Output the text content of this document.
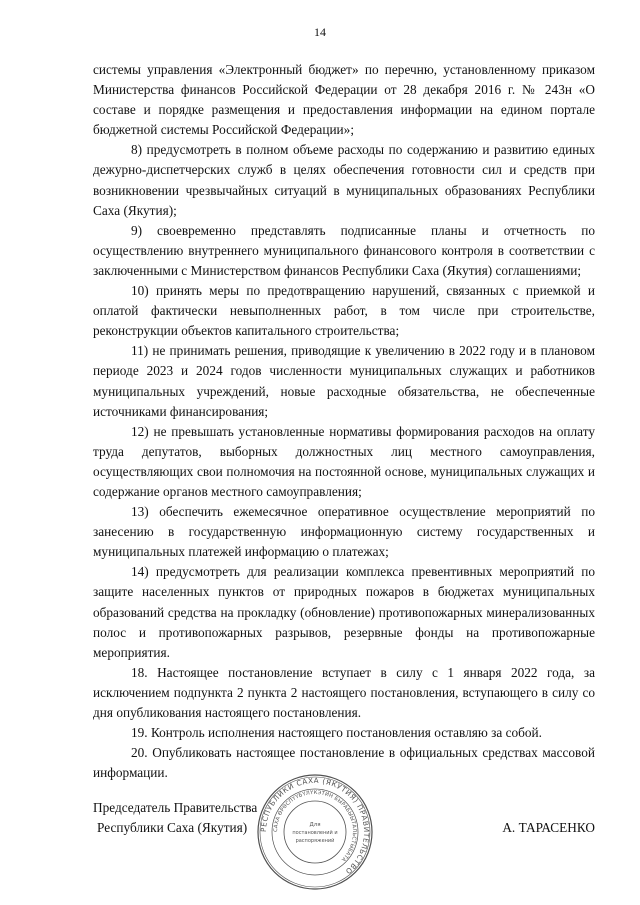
14

системы управления «Электронный бюджет» по перечню, установленному приказом Министерства финансов Российской Федерации от 28 декабря 2016 г. № 243н «О составе и порядке размещения и предоставления информации на едином портале бюджетной системы Российской Федерации»;

8) предусмотреть в полном объеме расходы по содержанию и развитию единых дежурно-диспетчерских служб в целях обеспечения готовности сил и средств при возникновении чрезвычайных ситуаций в муниципальных образованиях Республики Саха (Якутия);

9) своевременно представлять подписанные планы и отчетность по осуществлению внутреннего муниципального финансового контроля в соответствии с заключенными с Министерством финансов Республики Саха (Якутия) соглашениями;

10) принять меры по предотвращению нарушений, связанных с приемкой и оплатой фактически невыполненных работ, в том числе при строительстве, реконструкции объектов капитального строительства;

11) не принимать решения, приводящие к увеличению в 2022 году и в плановом периоде 2023 и 2024 годов численности муниципальных служащих и работников муниципальных учреждений, новые расходные обязательства, не обеспеченные источниками финансирования;

12) не превышать установленные нормативы формирования расходов на оплату труда депутатов, выборных должностных лиц местного самоуправления, осуществляющих свои полномочия на постоянной основе, муниципальных служащих и содержание органов местного самоуправления;

13) обеспечить ежемесячное оперативное осуществление мероприятий по занесению в государственную информационную систему государственных и муниципальных платежей информацию о платежах;

14) предусмотреть для реализации комплекса превентивных мероприятий по защите населенных пунктов от природных пожаров в бюджетах муниципальных образований средства на прокладку (обновление) противопожарных минерализованных полос и противопожарных разрывов, резервные фонды на противопожарные мероприятия.

18. Настоящее постановление вступает в силу с 1 января 2022 года, за исключением подпункта 2 пункта 2 настоящего постановления, вступающего в силу со дня опубликования настоящего постановления.

19. Контроль исполнения настоящего постановления оставляю за собой.

20. Опубликовать настоящее постановление в официальных средствах массовой информации.

Председатель Правительства
Республики Саха (Якутия)	А. ТАРАСЕНКО
РЕСПУБЛИКИ САХА (ЯКУТИЯ) ПРАВИТЕЛЬСТВО
САХА ӨРӨСПҮҮБҮЛҮКЭТИН БЫРАБЫЫТАЛЬСТЫБАТА
Для
постановлений и
распоряжений
